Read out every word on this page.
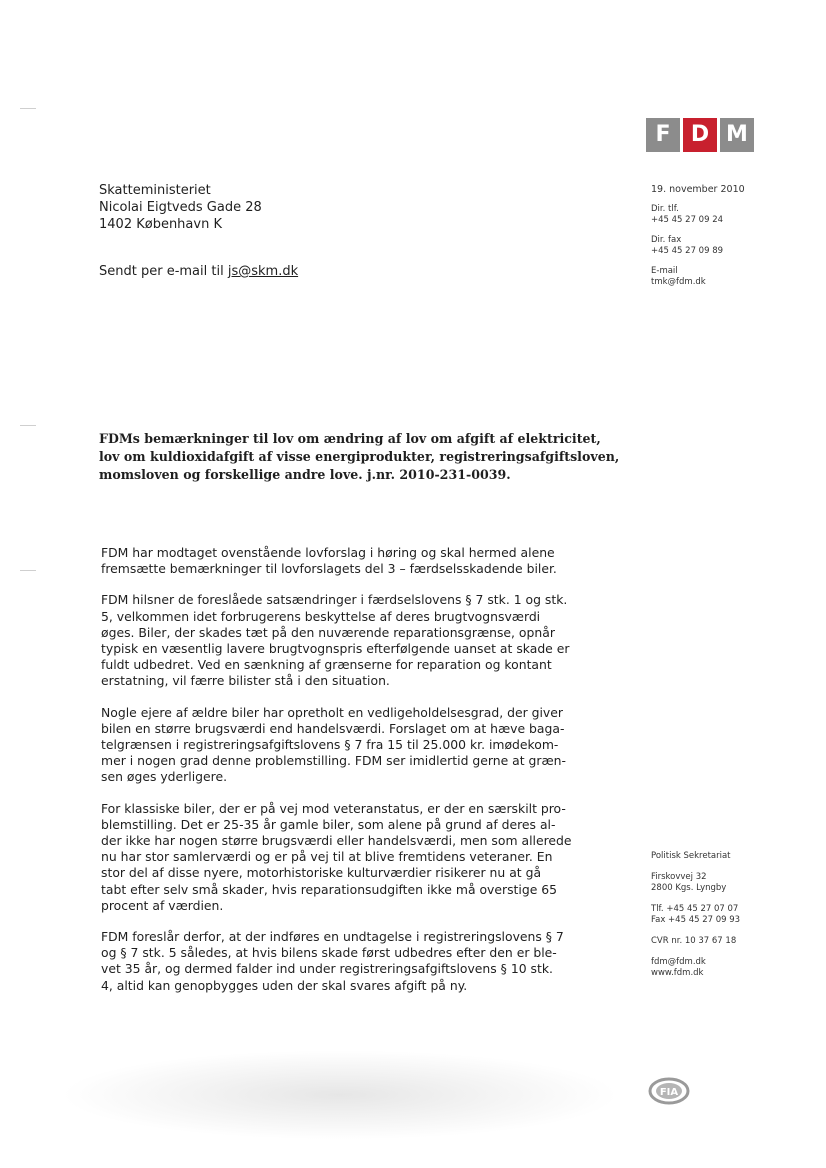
F D M
Skatteministeriet
Nicolai Eigtveds Gade 28
1402 København K
Sendt per e-mail til js@skm.dk
19. november 2010
Dir. tlf.
+45 45 27 09 24
Dir. fax
+45 45 27 09 89
E-mail
tmk@fdm.dk
FDMs bemærkninger til lov om ændring af lov om afgift af elektricitet,
lov om kuldioxidafgift af visse energiprodukter, registreringsafgiftsloven,
momsloven og forskellige andre love. j.nr. 2010-231-0039.

FDM har modtaget ovenstående lovforslag i høring og skal hermed alene
fremsætte bemærkninger til lovforslagets del 3 – færdselsskadende biler.

FDM hilsner de foreslåede satsændringer i færdselslovens § 7 stk. 1 og stk.
5, velkommen idet forbrugerens beskyttelse af deres brugtvognsværdi
øges. Biler, der skades tæt på den nuværende reparationsgrænse, opnår
typisk en væsentlig lavere brugtvognspris efterfølgende uanset at skade er
fuldt udbedret. Ved en sænkning af grænserne for reparation og kontant
erstatning, vil færre bilister stå i den situation.

Nogle ejere af ældre biler har opretholt en vedligeholdelsesgrad, der giver
bilen en større brugsværdi end handelsværdi. Forslaget om at hæve baga-
telgrænsen i registreringsafgiftslovens § 7 fra 15 til 25.000 kr. imødekom-
mer i nogen grad denne problemstilling. FDM ser imidlertid gerne at græn-
sen øges yderligere.

For klassiske biler, der er på vej mod veteranstatus, er der en særskilt pro-
blemstilling. Det er 25-35 år gamle biler, som alene på grund af deres al-
der ikke har nogen større brugsværdi eller handelsværdi, men som allerede
nu har stor samlerværdi og er på vej til at blive fremtidens veteraner. En
stor del af disse nyere, motorhistoriske kulturværdier risikerer nu at gå
tabt efter selv små skader, hvis reparationsudgiften ikke må overstige 65
procent af værdien.

FDM foreslår derfor, at der indføres en undtagelse i registreringslovens § 7
og § 7 stk. 5 således, at hvis bilens skade først udbedres efter den er ble-
vet 35 år, og dermed falder ind under registreringsafgiftslovens § 10 stk.
4, altid kan genopbygges uden der skal svares afgift på ny.

Politisk Sekretariat
Firskovvej 32
2800 Kgs. Lyngby
Tlf. +45 45 27 07 07
Fax +45 45 27 09 93
CVR nr. 10 37 67 18
fdm@fdm.dk
www.fdm.dk
FIA
